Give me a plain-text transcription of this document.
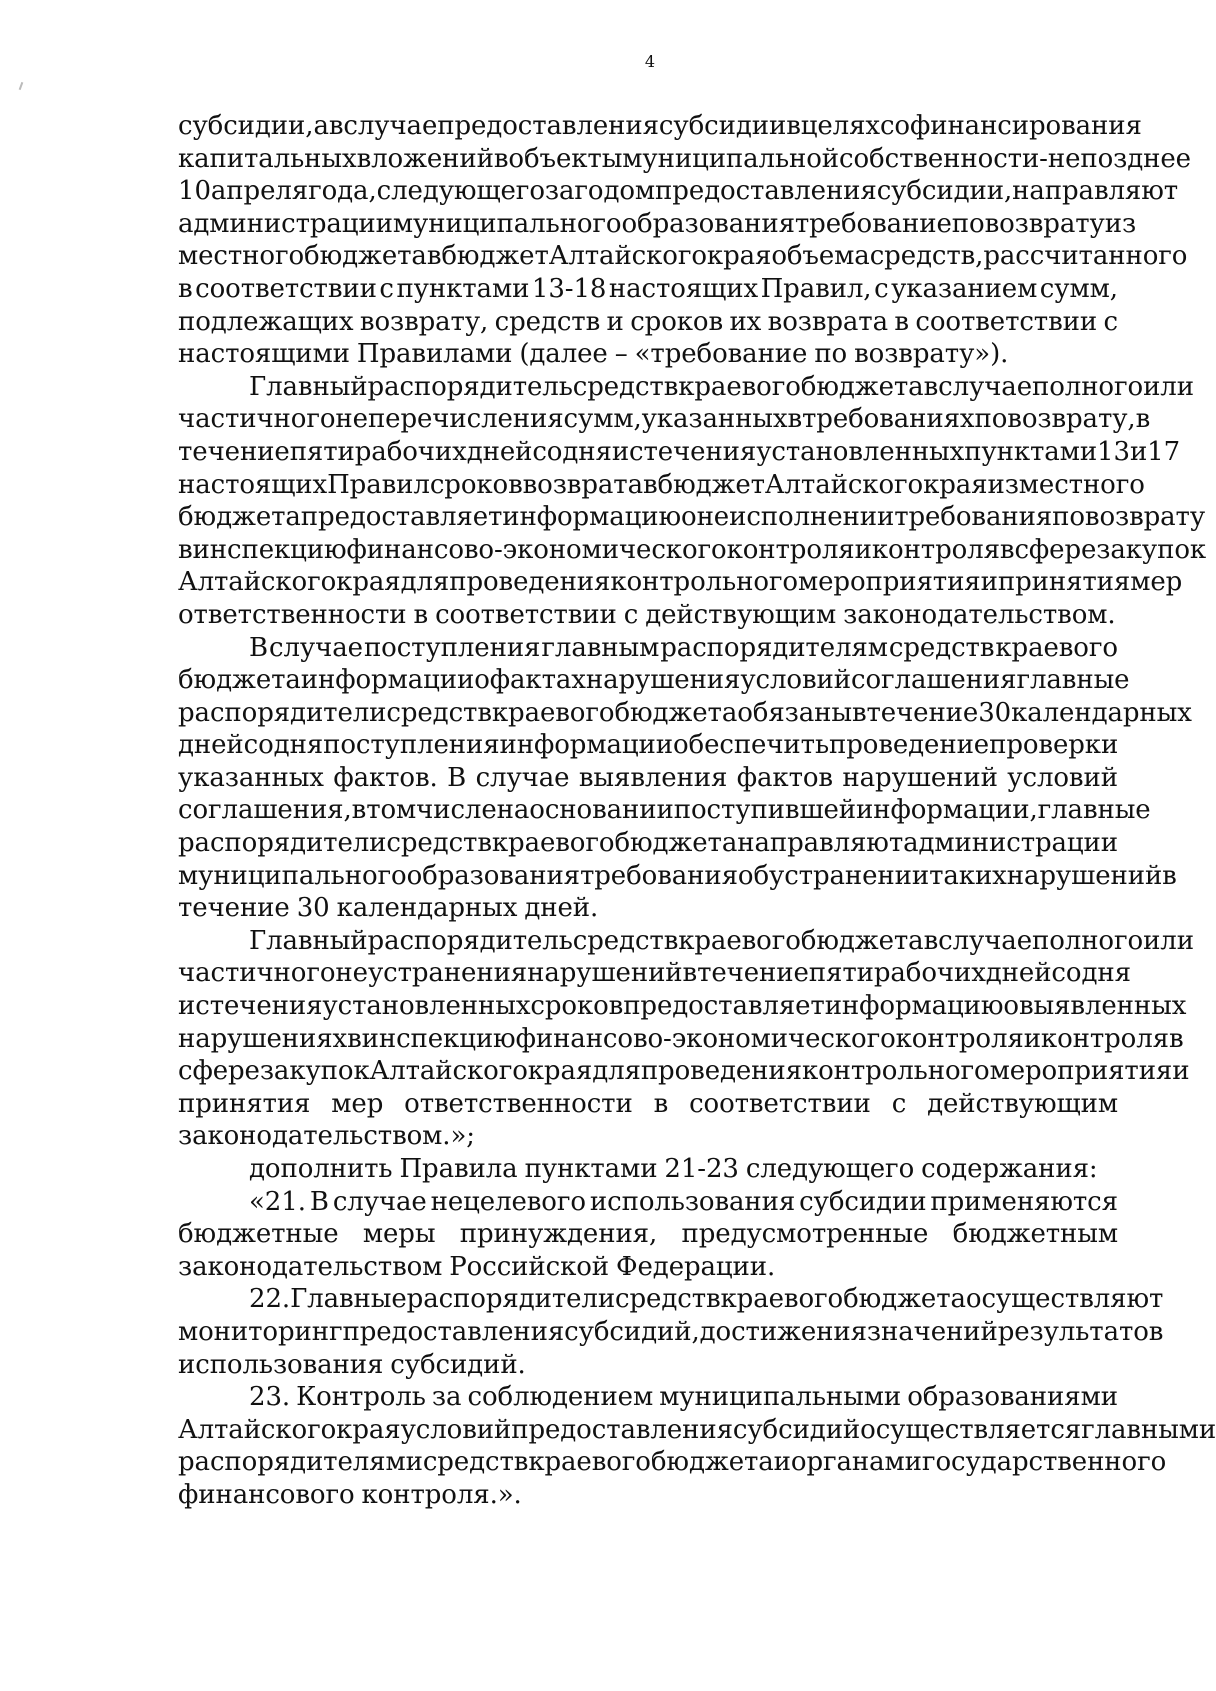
4
субсидии, а в случае предоставления субсидии в целях софинансирования
капитальных вложений в объекты муниципальной собственности - не позднее
10 апреля года, следующего за годом предоставления субсидии, направляют
администрации муниципального образования требование по возврату из
местного бюджета в бюджет Алтайского края объема средств, рассчитанного
в соответствии с пунктами 13-18 настоящих Правил, с указанием сумм,
подлежащих возврату, средств и сроков их возврата в соответствии с
настоящими Правилами (далее – «требование по возврату»).
Главный распорядитель средств краевого бюджета в случае полного или
частичного неперечисления сумм, указанных в требованиях по возврату, в
течение пяти рабочих дней со дня истечения установленных пунктами 13 и 17
настоящих Правил сроков возврата в бюджет Алтайского края из местного
бюджета предоставляет информацию о неисполнении требования по возврату
в инспекцию финансово-экономического контроля и контроля в сфере закупок
Алтайского края для проведения контрольного мероприятия и принятия мер
ответственности в соответствии с действующим законодательством.
В случае поступления главным распорядителям средств краевого
бюджета информации о фактах нарушения условий соглашения главные
распорядители средств краевого бюджета обязаны в течение 30 календарных
дней со дня поступления информации обеспечить проведение проверки
указанных фактов. В случае выявления фактов нарушений условий
соглашения, в том числе на основании поступившей информации, главные
распорядители средств краевого бюджета направляют администрации
муниципального образования требования об устранении таких нарушений в
течение 30 календарных дней.
Главный распорядитель средств краевого бюджета в случае полного или
частичного неустранения нарушений в течение пяти рабочих дней со дня
истечения установленных сроков предоставляет информацию о выявленных
нарушениях в инспекцию финансово-экономического контроля и контроля в
сфере закупок Алтайского края для проведения контрольного мероприятия и
принятия мер ответственности в соответствии с действующим
законодательством.»;
дополнить Правила пунктами 21-23 следующего содержания:
«21. В случае нецелевого использования субсидии применяются
бюджетные меры принуждения, предусмотренные бюджетным
законодательством Российской Федерации.
22. Главные распорядители средств краевого бюджета осуществляют
мониторинг предоставления субсидий, достижения значений результатов
использования субсидий.
23. Контроль за соблюдением муниципальными образованиями
Алтайского края условий предоставления субсидий осуществляется главными
распорядителями средств краевого бюджета и органами государственного
финансового контроля.».
